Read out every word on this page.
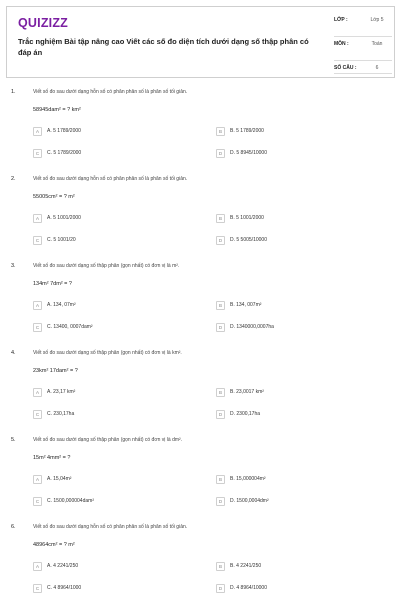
QUIZIZZ
Trắc nghiệm Bài tập nâng cao Viết các số đo diện tích dưới dạng số thập phân có đáp án
LỚP :	Lớp 5
MÔN :	Toán
SỐ CÂU :	6
1.	Viết số đo sau dưới dạng hỗn số có phân phân số là phân số tối giản.
58945dam² = ? km²
A	A. 5 1789/2000	B	B. 5 1789/2000
C	C. 5 1789/2000	D	D. 5 8945/10000
2.	Viết số đo sau dưới dạng hỗn số có phân phân số là phân số tối giản.
55005cm² = ? m²
A	A. 5 1001/2000	B	B. 5 1001/2000
C	C. 5 1001/20	D	D. 5 5005/10000
3.	Viết số đo sau dưới dạng số thập phân (gọn nhất) có đơn vị là m².
134m² 7dm² = ?
A	A. 134, 07m²	B	B. 134, 007m²
C	C. 13400, 0007dam²	D	D. 1340000,0007ha
4.	Viết số đo sau dưới dạng số thập phân (gọn nhất) có đơn vị là km².
23km² 17dam² = ?
A	A. 23,17 km²	B	B. 23,0017 km²
C	C. 230,17ha	D	D. 2300,17ha
5.	Viết số đo sau dưới dạng số thập phân (gọn nhất) có đơn vị là dm².
15m² 4mm² = ?
A	A. 15,04m²	B	B. 15,000004m²
C	C. 1500,000004dam²	D	D. 1500,0004dm²
6.	Viết số đo sau dưới dạng hỗn số có phân phân số là phân số tối giản.
48964cm² = ? m²
A	A. 4 2241/250	B	B. 4 2241/250
C	C. 4 8964/1000	D	D. 4 8964/10000
